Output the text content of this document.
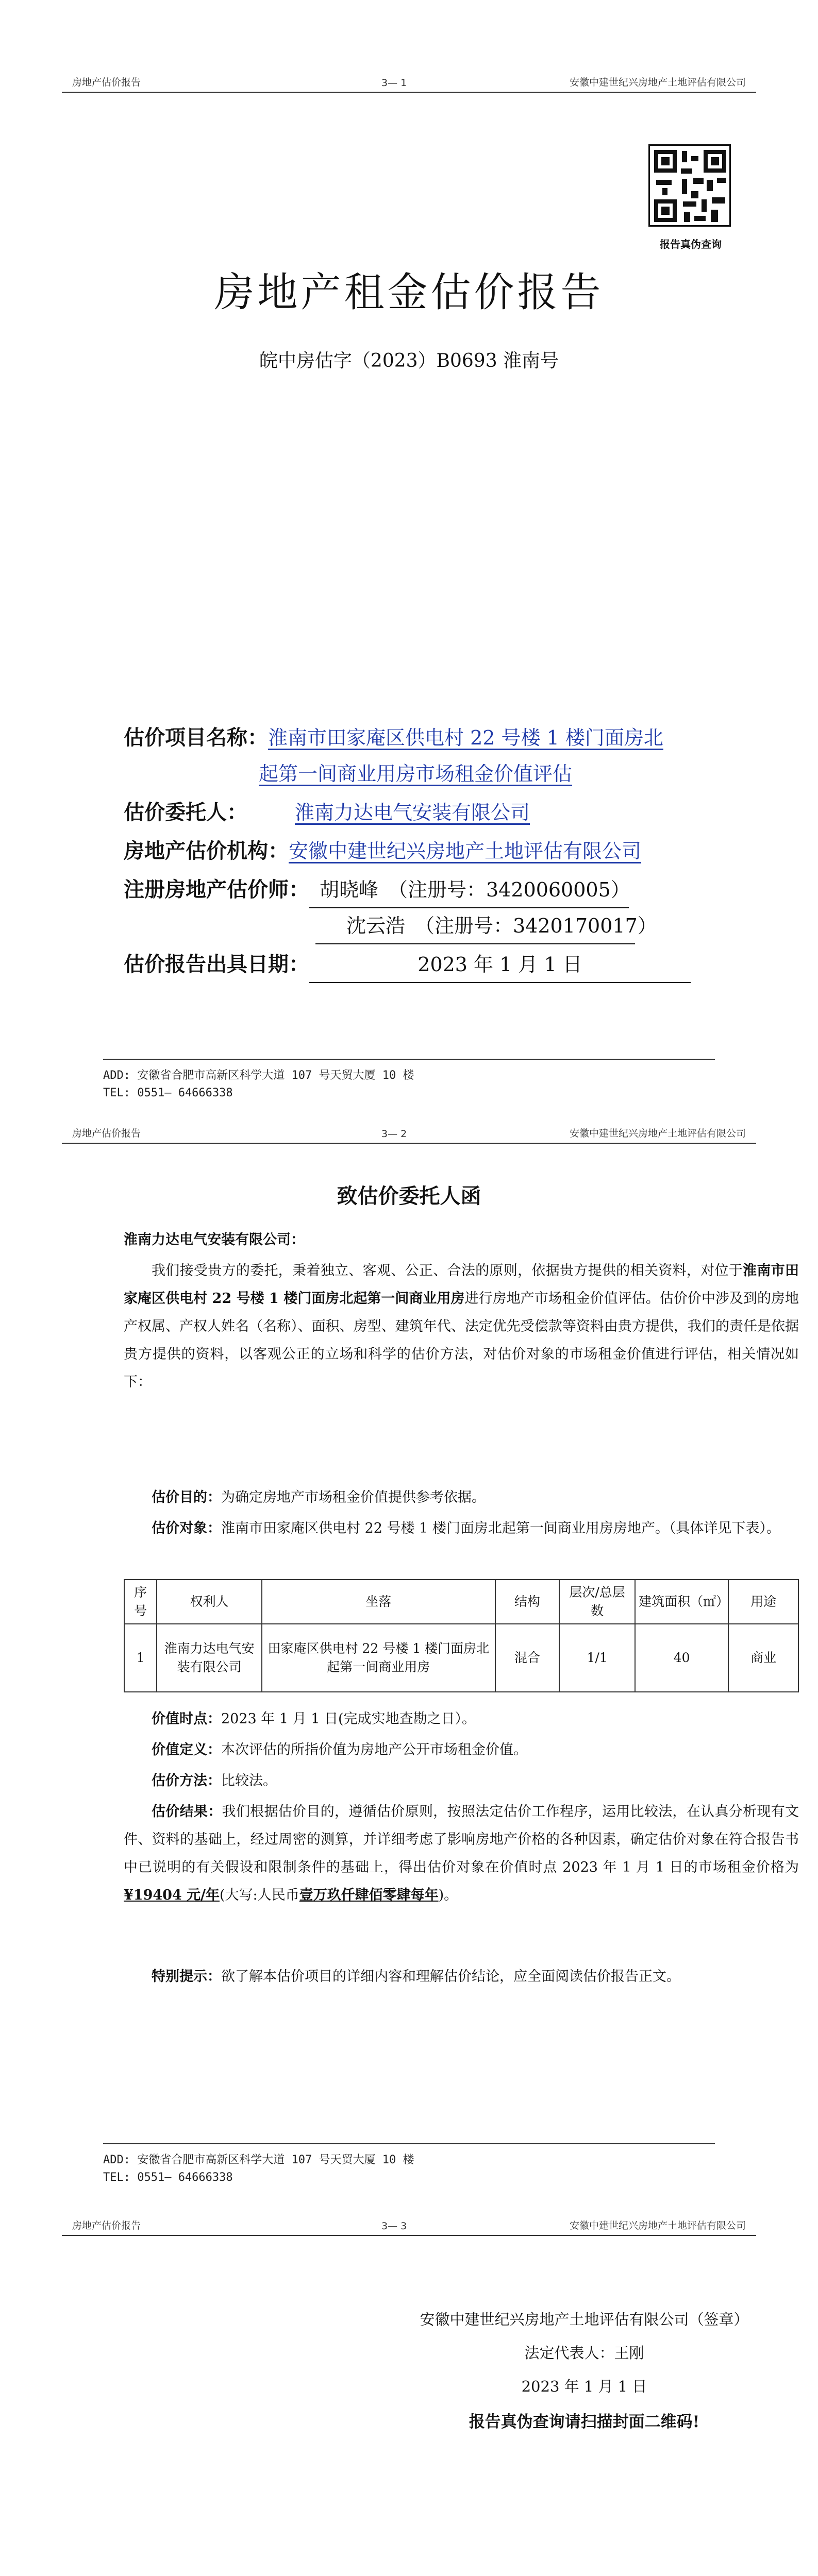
房地产估价报告	3— 1	安徽中建世纪兴房地产土地评估有限公司
报告真伪查询
房地产租金估价报告
皖中房估字（2023）B0693 淮南号
估价项目名称：淮南市田家庵区供电村 22 号楼 1 楼门面房北
起第一间商业用房市场租金价值评估
估价委托人： 淮南力达电气安装有限公司
房地产估价机构：安徽中建世纪兴房地产土地评估有限公司
注册房地产估价师： 胡晓峰　（注册号：3420060005）
沈云浩　（注册号：3420170017）
估价报告出具日期：	2023 年 1 月 1 日
ADD: 安徽省合肥市高新区科学大道 107 号天贸大厦 10 楼
TEL: 0551— 64666338
房地产估价报告	3— 2	安徽中建世纪兴房地产土地评估有限公司
致估价委托人函
淮南力达电气安装有限公司：
我们接受贵方的委托，秉着独立、客观、公正、合法的原则，依据贵方提供的相关资料，对位于淮南市田家庵区供电村 22 号楼 1 楼门面房北起第一间商业用房进行房地产市场租金价值评估。估价价中涉及到的房地产权属、产权人姓名（名称）、面积、房型、建筑年代、法定优先受偿款等资料由贵方提供，我们的责任是依据贵方提供的资料，以客观公正的立场和科学的估价方法，对估价对象的市场租金价值进行评估，相关情况如下：
估价目的：为确定房地产市场租金价值提供参考依据。
估价对象：淮南市田家庵区供电村 22 号楼 1 楼门面房北起第一间商业用房房地产。（具体详见下表）。
序号	权利人	坐落	结构	层次/总层数	建筑面积（㎡）	用途
1	淮南力达电气安装有限公司	田家庵区供电村 22 号楼 1 楼门面房北起第一间商业用房	混合	1/1	40	商业
价值时点：2023 年 1 月 1 日(完成实地查勘之日）。
价值定义：本次评估的所指价值为房地产公开市场租金价值。
估价方法：比较法。
估价结果：我们根据估价目的，遵循估价原则，按照法定估价工作程序，运用比较法，在认真分析现有文件、资料的基础上，经过周密的测算，并详细考虑了影响房地产价格的各种因素，确定估价对象在符合报告书中已说明的有关假设和限制条件的基础上，得出估价对象在价值时点 2023 年 1 月 1 日的市场租金价格为¥19404 元/年(大写:人民币壹万玖仟肆佰零肆每年)。
特别提示：欲了解本估价项目的详细内容和理解估价结论，应全面阅读估价报告正文。
ADD: 安徽省合肥市高新区科学大道 107 号天贸大厦 10 楼
TEL: 0551— 64666338
房地产估价报告	3— 3	安徽中建世纪兴房地产土地评估有限公司
安徽中建世纪兴房地产土地评估有限公司（签章）
法定代表人：王刚
2023 年 1 月 1 日
报告真伪查询请扫描封面二维码!
